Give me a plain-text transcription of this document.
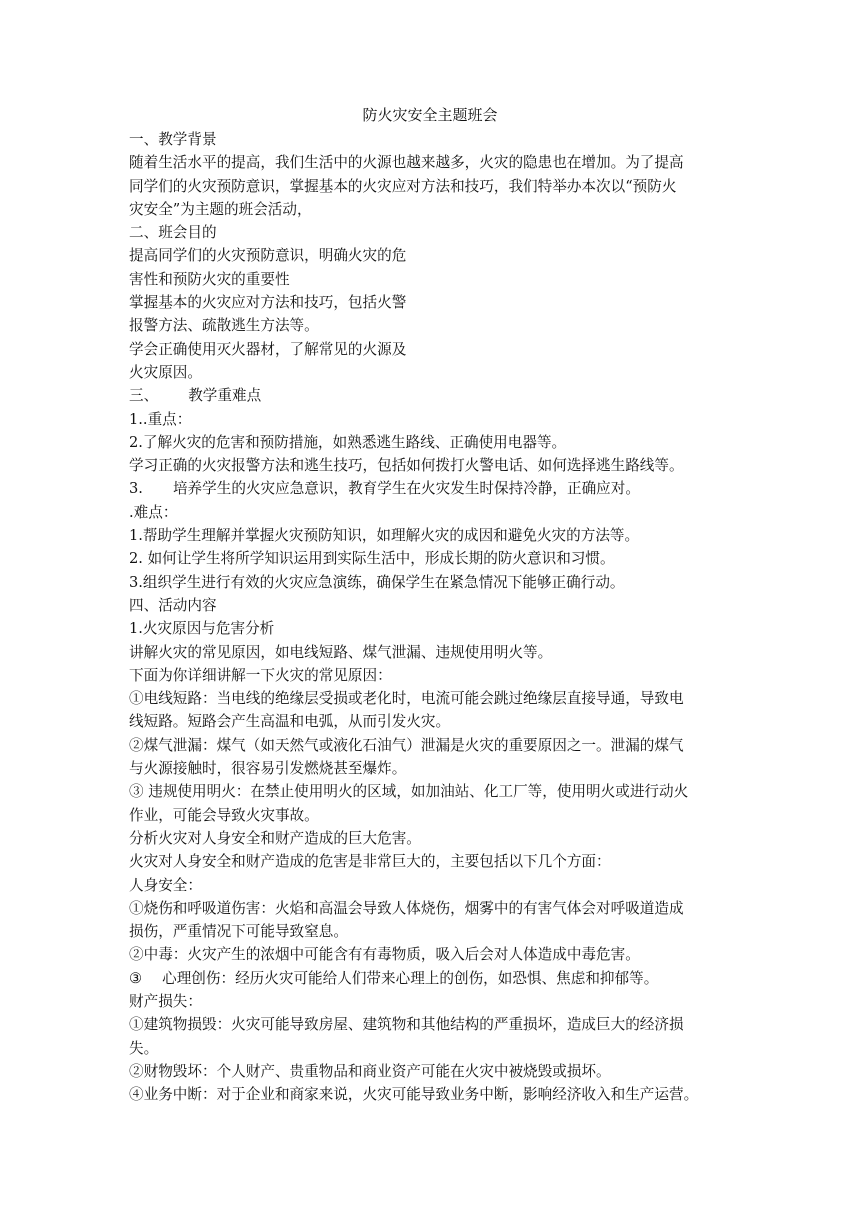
防火灾安全主题班会
一、教学背景
随着生活水平的提高，我们生活中的火源也越来越多，火灾的隐患也在增加。为了提高
同学们的火灾预防意识，掌握基本的火灾应对方法和技巧，我们特举办本次以“预防火
灾安全”为主题的班会活动，
二、班会目的
提高同学们的火灾预防意识，明确火灾的危
害性和预防火灾的重要性
掌握基本的火灾应对方法和技巧，包括火警
报警方法、疏散逃生方法等。
学会正确使用灭火器材，了解常见的火源及
火灾原因。
三、 教学重难点
1..重点：
2.了解火灾的危害和预防措施，如熟悉逃生路线、正确使用电器等。
学习正确的火灾报警方法和逃生技巧，包括如何拨打火警电话、如何选择逃生路线等。
3. 培养学生的火灾应急意识，教育学生在火灾发生时保持冷静，正确应对。
.难点：
1.帮助学生理解并掌握火灾预防知识，如理解火灾的成因和避免火灾的方法等。
2. 如何让学生将所学知识运用到实际生活中，形成长期的防火意识和习惯。
3.组织学生进行有效的火灾应急演练，确保学生在紧急情况下能够正确行动。
四、活动内容
1.火灾原因与危害分析
讲解火灾的常见原因，如电线短路、煤气泄漏、违规使用明火等。
下面为你详细讲解一下火灾的常见原因：
①电线短路：当电线的绝缘层受损或老化时，电流可能会跳过绝缘层直接导通，导致电
线短路。短路会产生高温和电弧，从而引发火灾。
②煤气泄漏：煤气（如天然气或液化石油气）泄漏是火灾的重要原因之一。泄漏的煤气
与火源接触时，很容易引发燃烧甚至爆炸。
③ 违规使用明火：在禁止使用明火的区域，如加油站、化工厂等，使用明火或进行动火
作业，可能会导致火灾事故。
分析火灾对人身安全和财产造成的巨大危害。
火灾对人身安全和财产造成的危害是非常巨大的，主要包括以下几个方面：
人身安全：
①烧伤和呼吸道伤害：火焰和高温会导致人体烧伤，烟雾中的有害气体会对呼吸道造成
损伤，严重情况下可能导致窒息。
②中毒：火灾产生的浓烟中可能含有有毒物质，吸入后会对人体造成中毒危害。
③ 心理创伤：经历火灾可能给人们带来心理上的创伤，如恐惧、焦虑和抑郁等。
财产损失：
①建筑物损毁：火灾可能导致房屋、建筑物和其他结构的严重损坏，造成巨大的经济损
失。
②财物毁坏：个人财产、贵重物品和商业资产可能在火灾中被烧毁或损坏。
④业务中断：对于企业和商家来说，火灾可能导致业务中断，影响经济收入和生产运营。
